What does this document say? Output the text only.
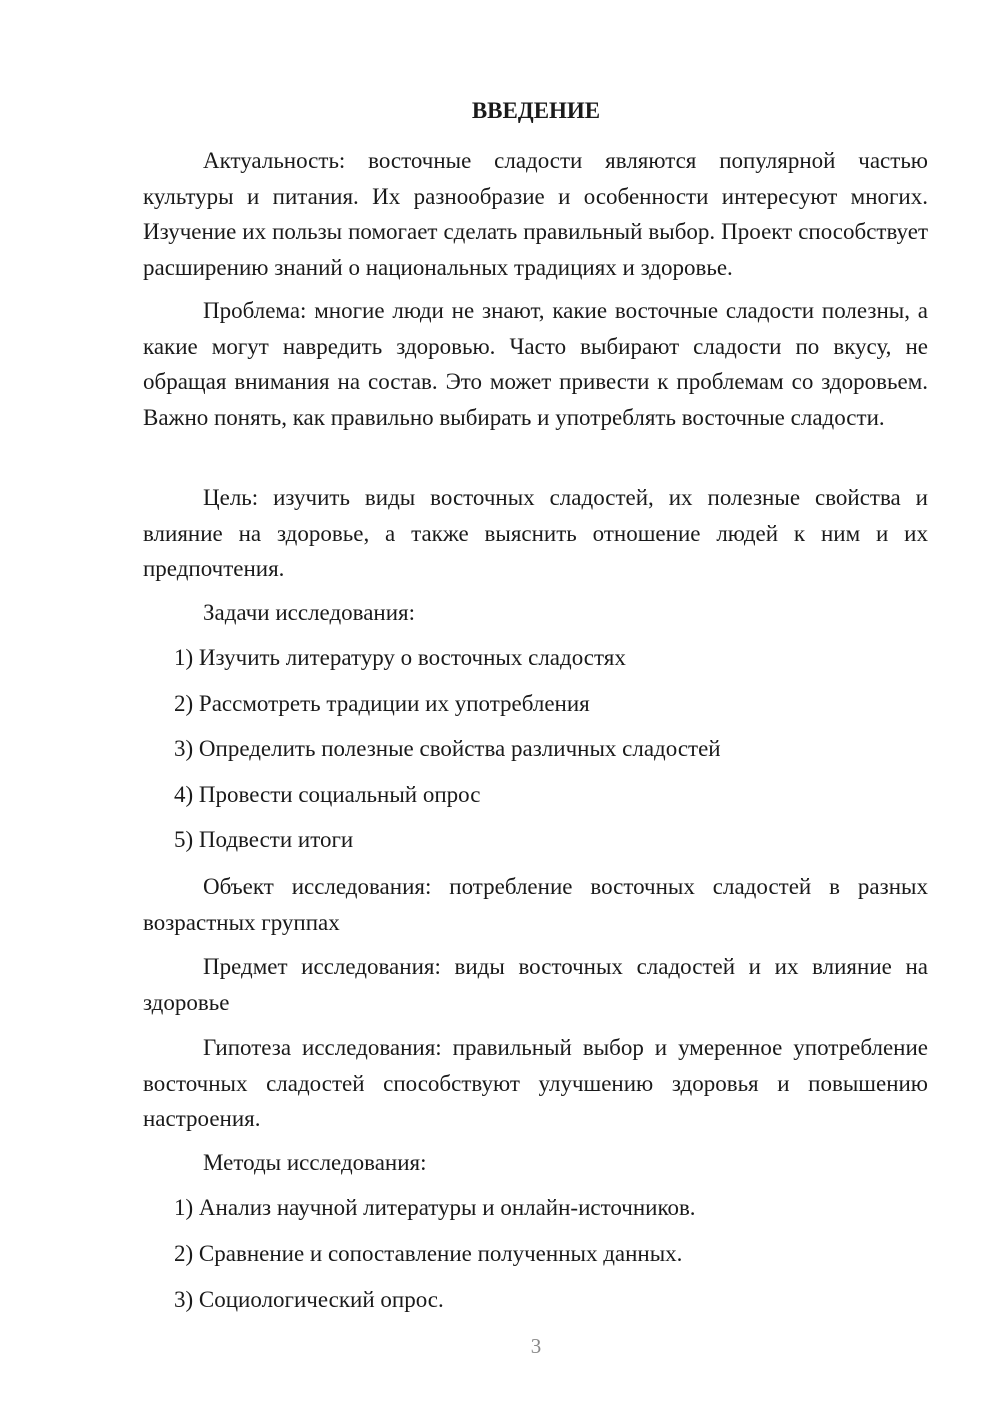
ВВЕДЕНИЕ

Актуальность: восточные сладости являются популярной частью культуры и питания. Их разнообразие и особенности интересуют многих. Изучение их пользы помогает сделать правильный выбор. Проект способствует расширению знаний о национальных традициях и здоровье.

Проблема: многие люди не знают, какие восточные сладости полезны, а какие могут навредить здоровью. Часто выбирают сладости по вкусу, не обращая внимания на состав. Это может привести к проблемам со здоровьем. Важно понять, как правильно выбирать и употреблять восточные сладости.

Цель: изучить виды восточных сладостей, их полезные свойства и влияние на здоровье, а также выяснить отношение людей к ним и их предпочтения.

Задачи исследования:
1) Изучить литературу о восточных сладостях
2) Рассмотреть традиции их употребления
3) Определить полезные свойства различных сладостей
4) Провести социальный опрос
5) Подвести итоги

Объект исследования: потребление восточных сладостей в разных возрастных группах

Предмет исследования: виды восточных сладостей и их влияние на здоровье

Гипотеза исследования: правильный выбор и умеренное употребление восточных сладостей способствуют улучшению здоровья и повышению настроения.

Методы исследования:
1) Анализ научной литературы и онлайн-источников.
2) Сравнение и сопоставление полученных данных.
3) Социологический опрос.
3
